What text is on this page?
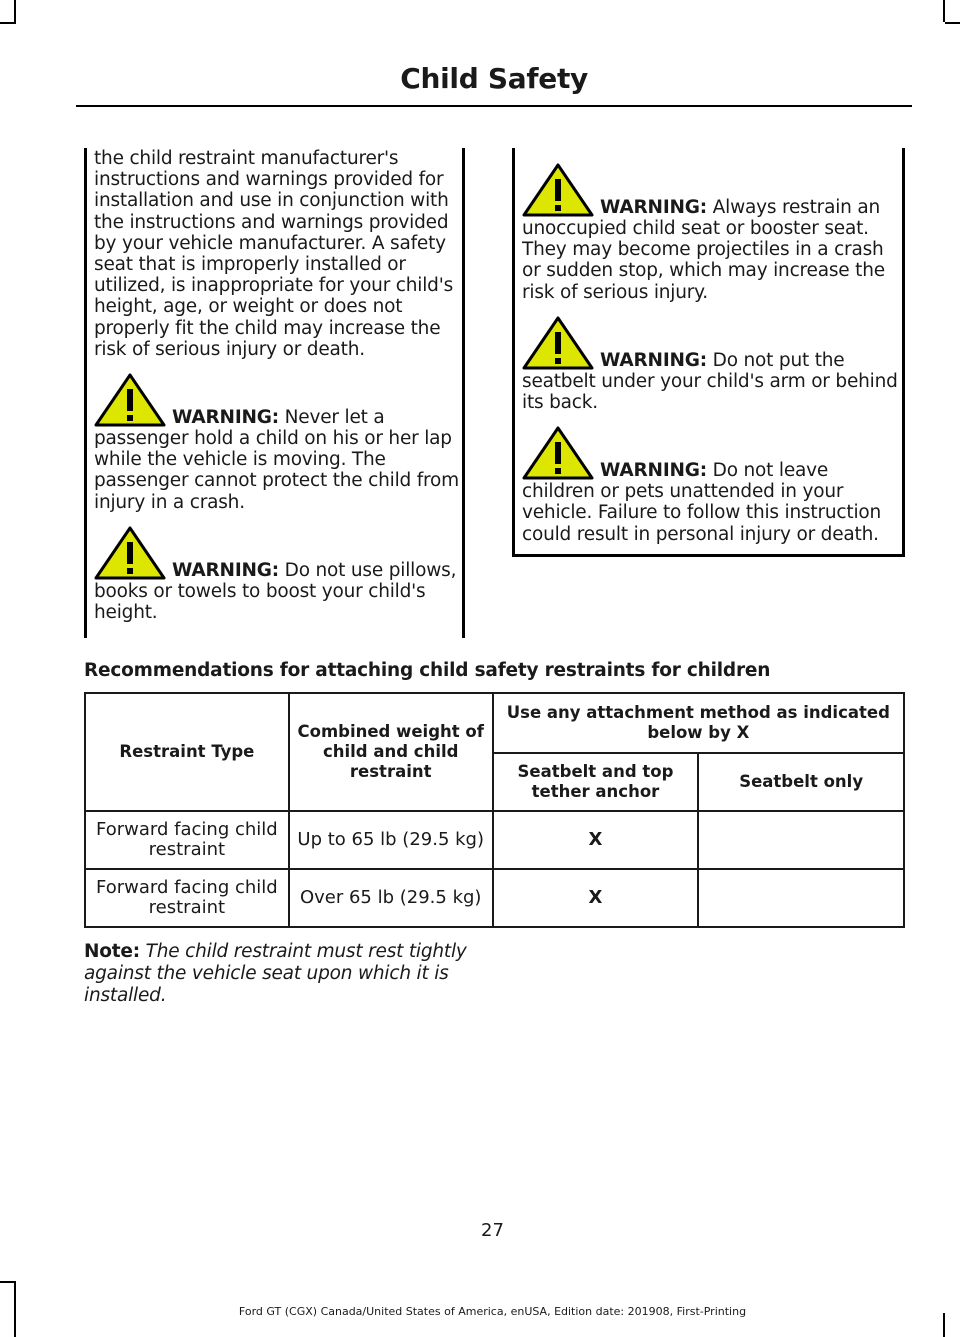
Child Safety

the child restraint manufacturer's instructions and warnings provided for installation and use in conjunction with the instructions and warnings provided by your vehicle manufacturer. A safety seat that is improperly installed or utilized, is inappropriate for your child's height, age, or weight or does not properly fit the child may increase the risk of serious injury or death.

WARNING: Never let a passenger hold a child on his or her lap while the vehicle is moving. The passenger cannot protect the child from injury in a crash.

WARNING: Do not use pillows, books or towels to boost your child's height.

WARNING: Always restrain an unoccupied child seat or booster seat. They may become projectiles in a crash or sudden stop, which may increase the risk of serious injury.

WARNING: Do not put the seatbelt under your child's arm or behind its back.

WARNING: Do not leave children or pets unattended in your vehicle. Failure to follow this instruction could result in personal injury or death.

Recommendations for attaching child safety restraints for children
Restraint Type	Combined weight of child and child restraint	Use any attachment method as indicated below by X	
		Seatbelt and top tether anchor	Seatbelt only
Forward facing child restraint	Up to 65 lb (29.5 kg)	X	
Forward facing child restraint	Over 65 lb (29.5 kg)	X	
Note: The child restraint must rest tightly against the vehicle seat upon which it is installed.
27
Ford GT (CGX) Canada/United States of America, enUSA, Edition date: 201908, First-Printing
